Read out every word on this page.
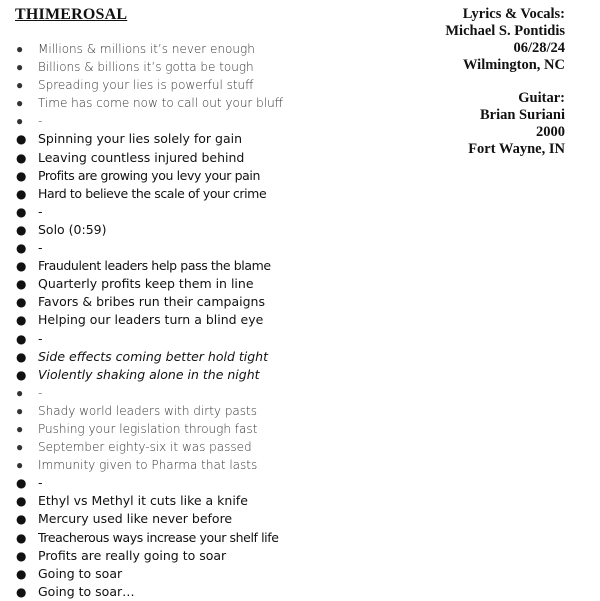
THIMEROSAL	Lyrics & Vocals:
Michael S. Pontidis
06/28/24
Wilmington, NC
Guitar:
Brian Suriani
2000
Fort Wayne, IN
● Millions & millions it’s never enough
● Billions & billions it’s gotta be tough
● Spreading your lies is powerful stuff
● Time has come now to call out your bluff
● -
● Spinning your lies solely for gain
● Leaving countless injured behind
● Profits are growing you levy your pain
● Hard to believe the scale of your crime
● -
● Solo (0:59)
● -
● Fraudulent leaders help pass the blame
● Quarterly profits keep them in line
● Favors & bribes run their campaigns
● Helping our leaders turn a blind eye
● -
● Side effects coming better hold tight
● Violently shaking alone in the night
● -
● Shady world leaders with dirty pasts
● Pushing your legislation through fast
● September eighty-six it was passed
● Immunity given to Pharma that lasts
● -
● Ethyl vs Methyl it cuts like a knife
● Mercury used like never before
● Treacherous ways increase your shelf life
● Profits are really going to soar
● Going to soar
● Going to soar…
